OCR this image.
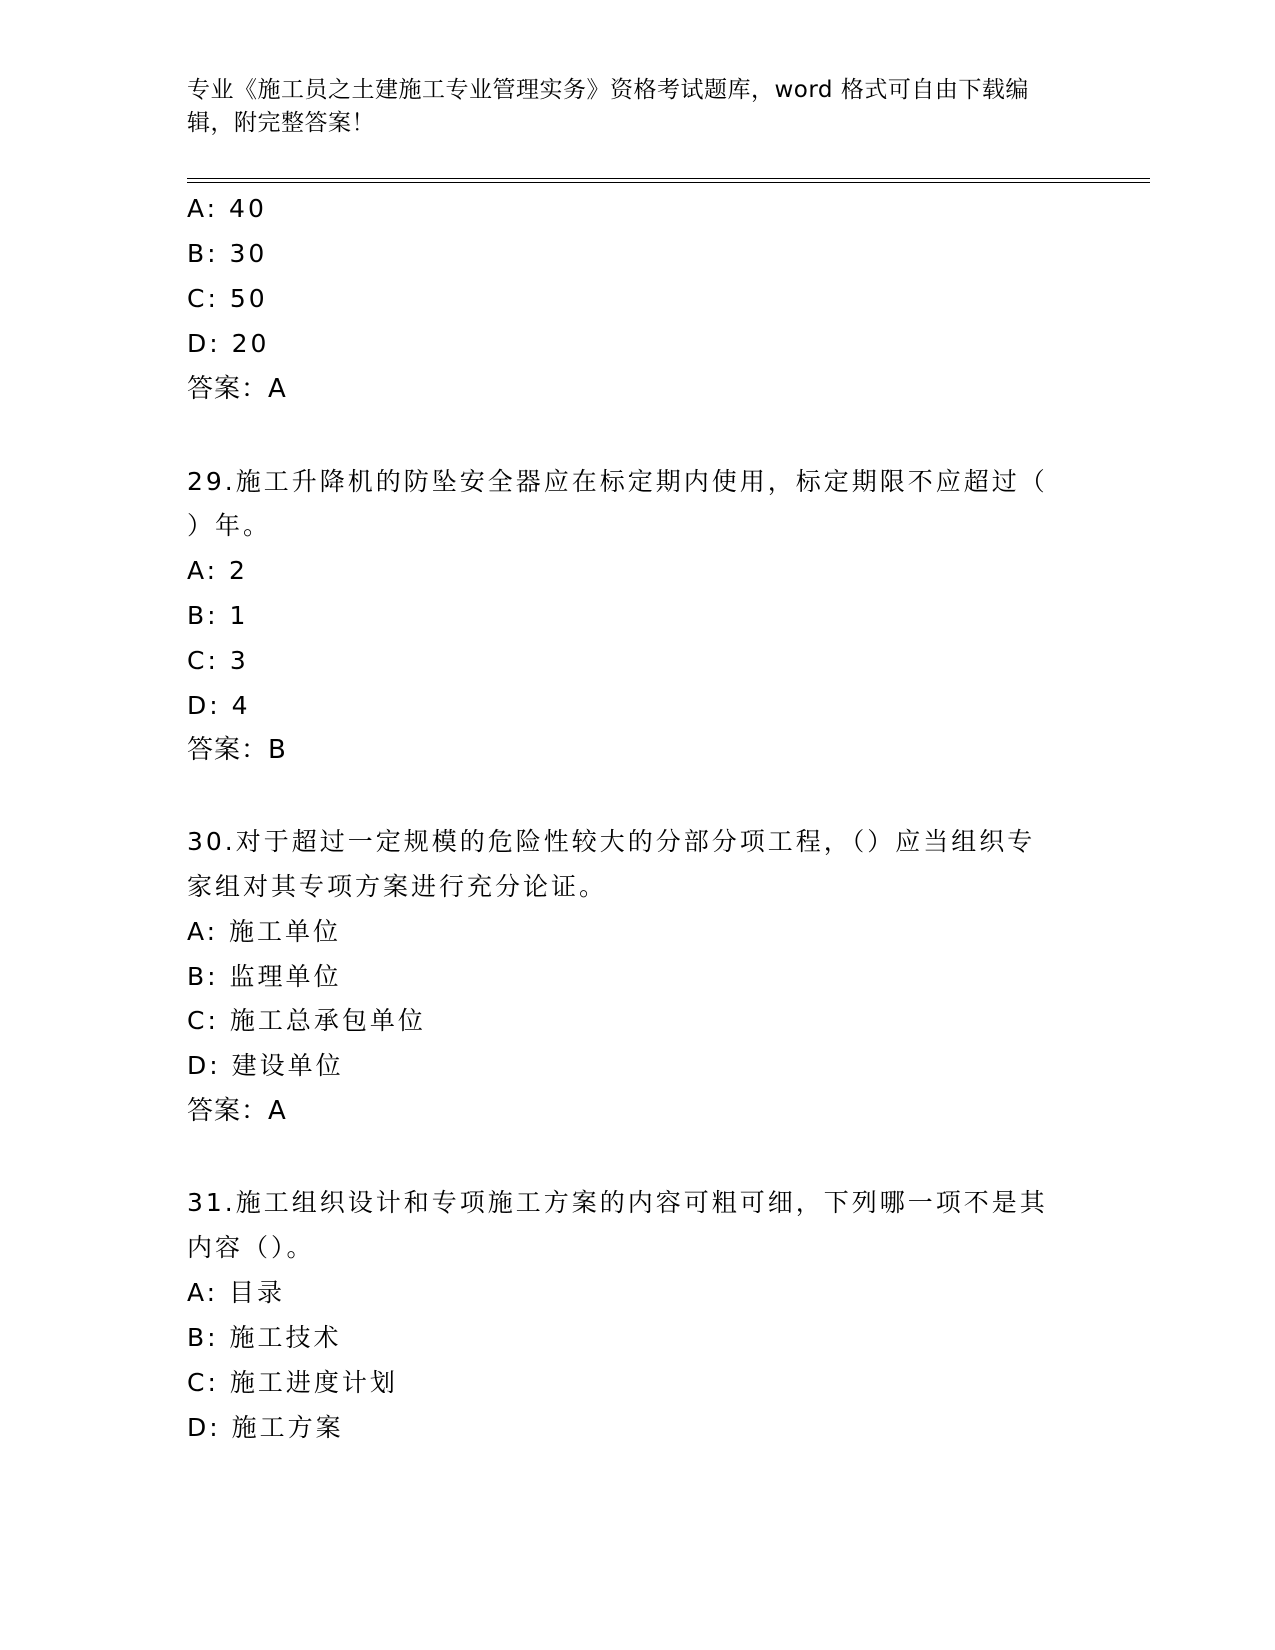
专业《施工员之土建施工专业管理实务》资格考试题库，word 格式可自由下载编辑，附完整答案！
A: 40
B: 30
C: 50
D: 20
答案：A
29.施工升降机的防坠安全器应在标定期内使用，标定期限不应超过（
）年。
A: 2
B: 1
C: 3
D: 4
答案：B
30.对于超过一定规模的危险性较大的分部分项工程，（）应当组织专
家组对其专项方案进行充分论证。
A: 施工单位
B: 监理单位
C: 施工总承包单位
D: 建设单位
答案：A
31.施工组织设计和专项施工方案的内容可粗可细，下列哪一项不是其
内容（）。
A: 目录
B: 施工技术
C: 施工进度计划
D: 施工方案
